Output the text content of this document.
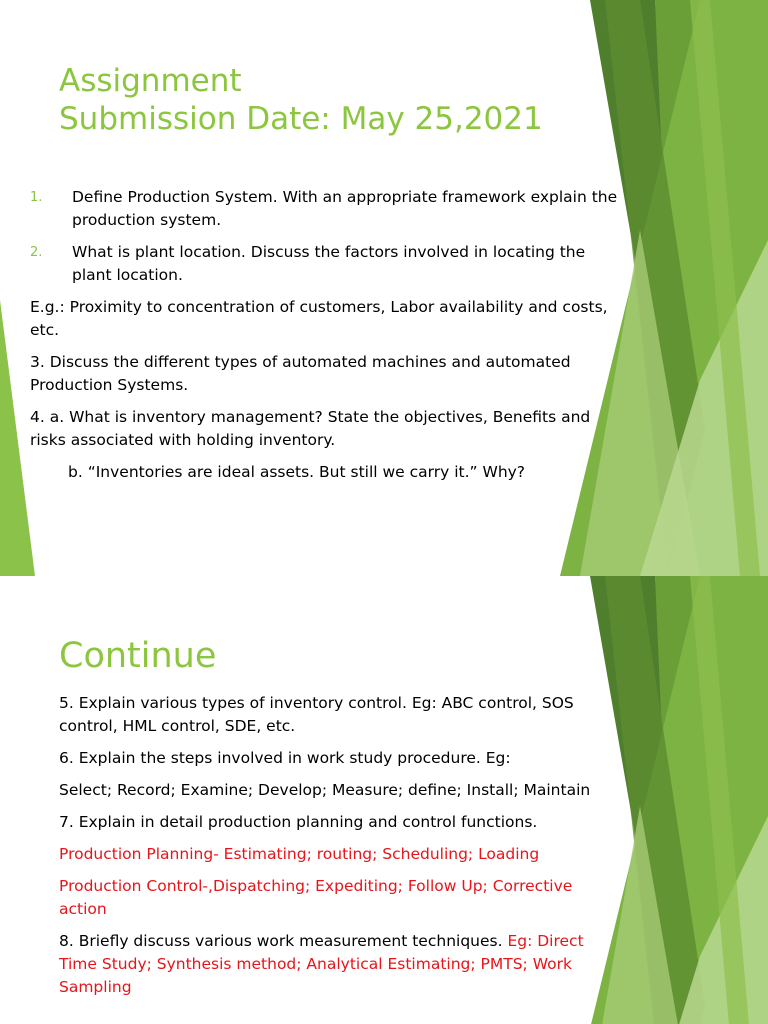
Assignment
Submission Date: May 25,2021
1. Define Production System. With an appropriate framework explain the production system.
2. What is plant location. Discuss the factors involved in locating the plant location.
E.g.: Proximity to concentration of customers, Labor availability and costs, etc.
3. Discuss the different types of automated machines and automated Production Systems.
4. a. What is inventory management? State the objectives, Benefits and risks associated with holding inventory.
b. “Inventories are ideal assets. But still we carry it.” Why?
Continue
5. Explain various types of inventory control. Eg: ABC control, SOS control, HML control, SDE, etc.
6. Explain the steps involved in work study procedure. Eg:
Select; Record; Examine; Develop; Measure; define; Install; Maintain
7. Explain in detail production planning and control functions.
Production Planning- Estimating; routing; Scheduling; Loading
Production Control-,Dispatching; Expediting; Follow Up; Corrective action
8. Briefly discuss various work measurement techniques. Eg: Direct Time Study; Synthesis method; Analytical Estimating; PMTS; Work Sampling
